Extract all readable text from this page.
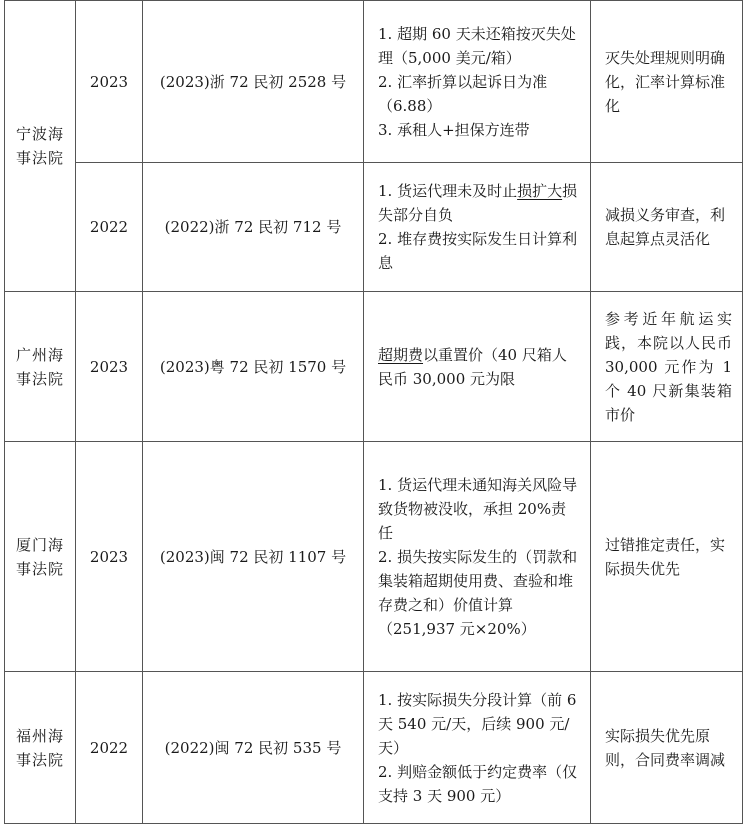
宁波海事法院	2023	(2023)浙 72 民初 2528 号	1. 超期 60 天未还箱按灭失处理（5,000 美元/箱）
2. 汇率折算以起诉日为准（6.88）
3. 承租人+担保方连带	灭失处理规则明确化，汇率计算标准化
	2022	(2022)浙 72 民初 712 号	1. 货运代理未及时止损扩大损失部分自负
2. 堆存费按实际发生日计算利息	减损义务审查，利息起算点灵活化
广州海事法院	2023	(2023)粤 72 民初 1570 号	超期费以重置价（40 尺箱人民币 30,000 元为限	参考近年航运实践，本院以人民币 30,000 元作为 1 个 40 尺新集装箱市价
厦门海事法院	2023	(2023)闽 72 民初 1107 号	1. 货运代理未通知海关风险导致货物被没收，承担 20%责任
2. 损失按实际发生的（罚款和集装箱超期使用费、查验和堆存费之和）价值计算（251,937 元×20%）	过错推定责任，实际损失优先
福州海事法院	2022	(2022)闽 72 民初 535 号	1. 按实际损失分段计算（前 6 天 540 元/天，后续 900 元/天）
2. 判赔金额低于约定费率（仅支持 3 天 900 元）	实际损失优先原则，合同费率调减
